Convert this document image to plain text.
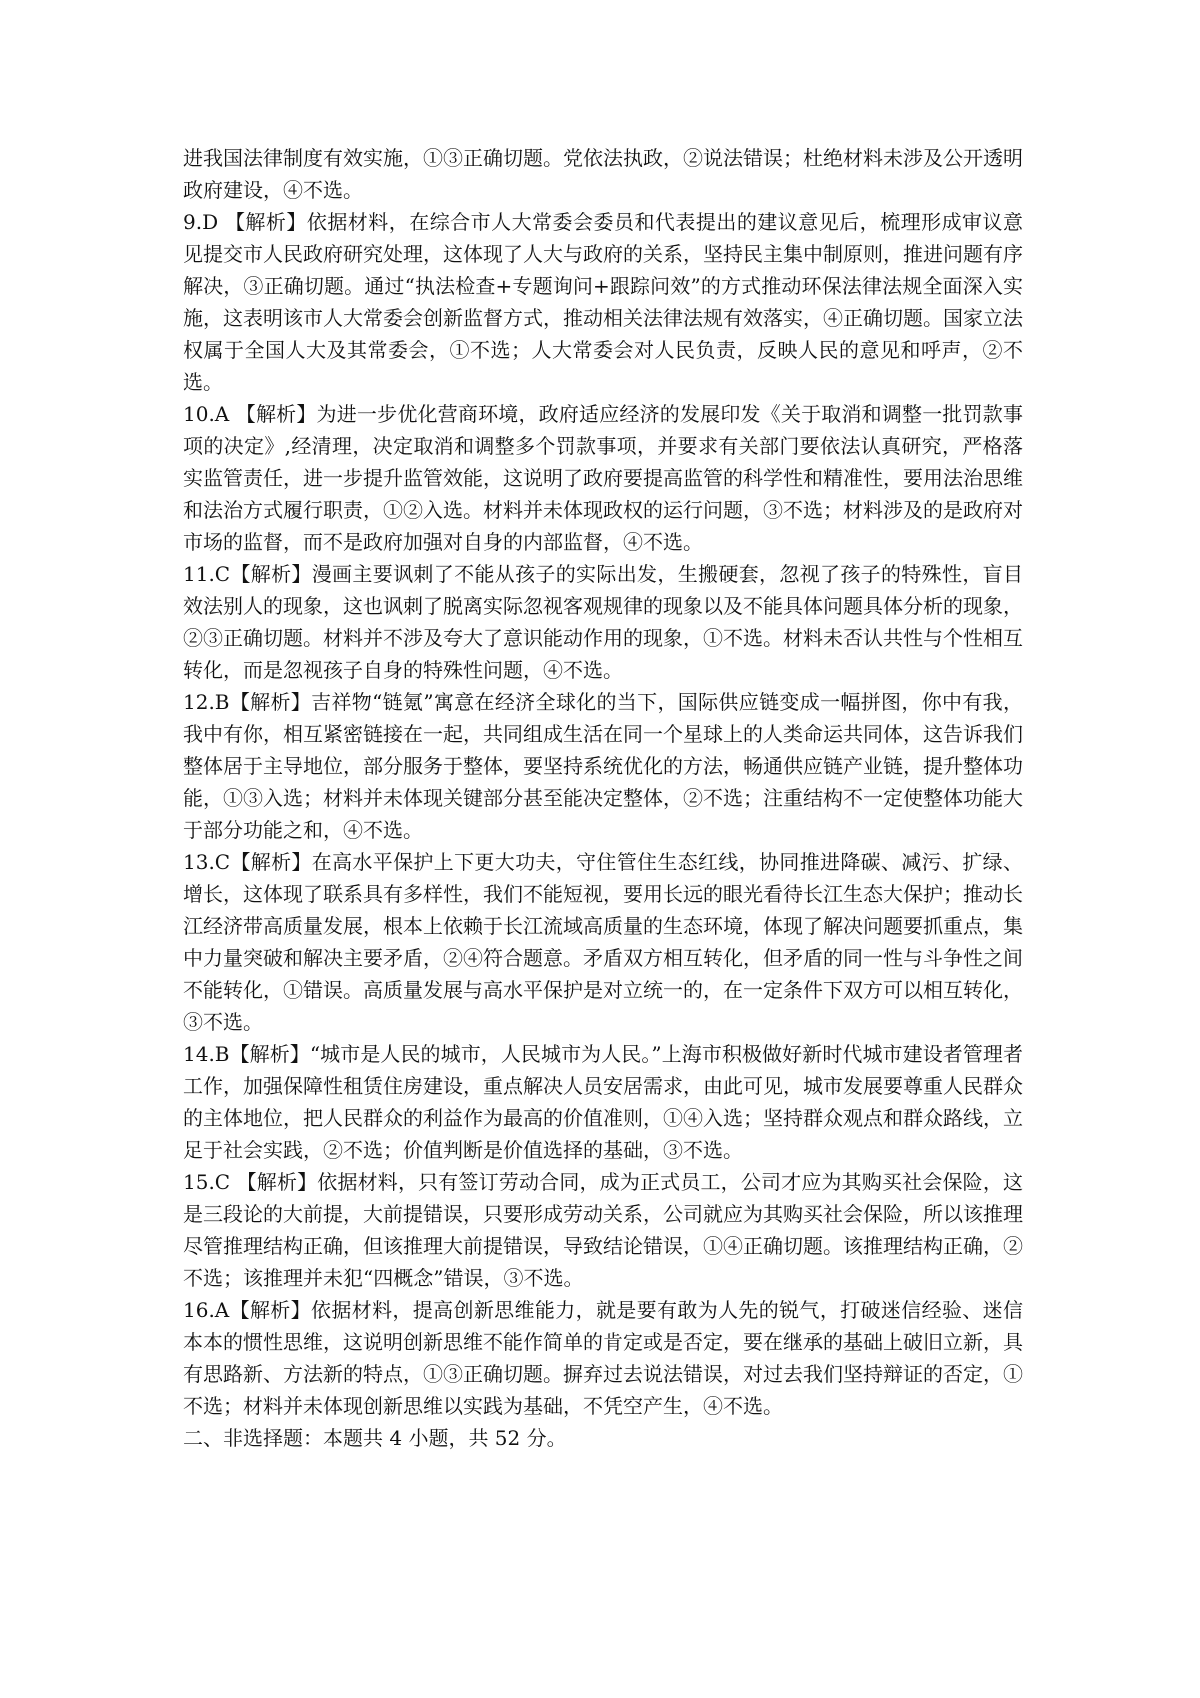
进我国法律制度有效实施，①③正确切题。党依法执政，②说法错误；杜绝材料未涉及公开透明政府建设，④不选。

9.D 【解析】依据材料，在综合市人大常委会委员和代表提出的建议意见后，梳理形成审议意见提交市人民政府研究处理，这体现了人大与政府的关系，坚持民主集中制原则，推进问题有序解决，③正确切题。通过“执法检查+专题询问+跟踪问效”的方式推动环保法律法规全面深入实施，这表明该市人大常委会创新监督方式，推动相关法律法规有效落实，④正确切题。国家立法权属于全国人大及其常委会，①不选；人大常委会对人民负责，反映人民的意见和呼声，②不选。

10.A 【解析】为进一步优化营商环境，政府适应经济的发展印发《关于取消和调整一批罚款事项的决定》,经清理，决定取消和调整多个罚款事项，并要求有关部门要依法认真研究，严格落实监管责任，进一步提升监管效能，这说明了政府要提高监管的科学性和精准性，要用法治思维和法治方式履行职责，①②入选。材料并未体现政权的运行问题，③不选；材料涉及的是政府对市场的监督，而不是政府加强对自身的内部监督，④不选。

11.C【解析】漫画主要讽刺了不能从孩子的实际出发，生搬硬套，忽视了孩子的特殊性，盲目效法别人的现象，这也讽刺了脱离实际忽视客观规律的现象以及不能具体问题具体分析的现象，②③正确切题。材料并不涉及夸大了意识能动作用的现象，①不选。材料未否认共性与个性相互转化，而是忽视孩子自身的特殊性问题，④不选。

12.B【解析】吉祥物“链氪”寓意在经济全球化的当下，国际供应链变成一幅拼图，你中有我，我中有你，相互紧密链接在一起，共同组成生活在同一个星球上的人类命运共同体，这告诉我们整体居于主导地位，部分服务于整体，要坚持系统优化的方法，畅通供应链产业链，提升整体功能，①③入选；材料并未体现关键部分甚至能决定整体，②不选；注重结构不一定使整体功能大于部分功能之和，④不选。

13.C【解析】在高水平保护上下更大功夫，守住管住生态红线，协同推进降碳、减污、扩绿、增长，这体现了联系具有多样性，我们不能短视，要用长远的眼光看待长江生态大保护；推动长江经济带高质量发展，根本上依赖于长江流域高质量的生态环境，体现了解决问题要抓重点，集中力量突破和解决主要矛盾，②④符合题意。矛盾双方相互转化，但矛盾的同一性与斗争性之间不能转化，①错误。高质量发展与高水平保护是对立统一的，在一定条件下双方可以相互转化，③不选。

14.B【解析】“城市是人民的城市，人民城市为人民。”上海市积极做好新时代城市建设者管理者工作，加强保障性租赁住房建设，重点解决人员安居需求，由此可见，城市发展要尊重人民群众的主体地位，把人民群众的利益作为最高的价值准则，①④入选；坚持群众观点和群众路线，立足于社会实践，②不选；价值判断是价值选择的基础，③不选。

15.C 【解析】依据材料，只有签订劳动合同，成为正式员工，公司才应为其购买社会保险，这是三段论的大前提，大前提错误，只要形成劳动关系，公司就应为其购买社会保险，所以该推理尽管推理结构正确，但该推理大前提错误，导致结论错误，①④正确切题。该推理结构正确，②不选；该推理并未犯“四概念”错误，③不选。

16.A【解析】依据材料，提高创新思维能力，就是要有敢为人先的锐气，打破迷信经验、迷信本本的惯性思维，这说明创新思维不能作简单的肯定或是否定，要在继承的基础上破旧立新，具有思路新、方法新的特点，①③正确切题。摒弃过去说法错误，对过去我们坚持辩证的否定，①不选；材料并未体现创新思维以实践为基础，不凭空产生，④不选。

二、非选择题：本题共 4 小题，共 52 分。
